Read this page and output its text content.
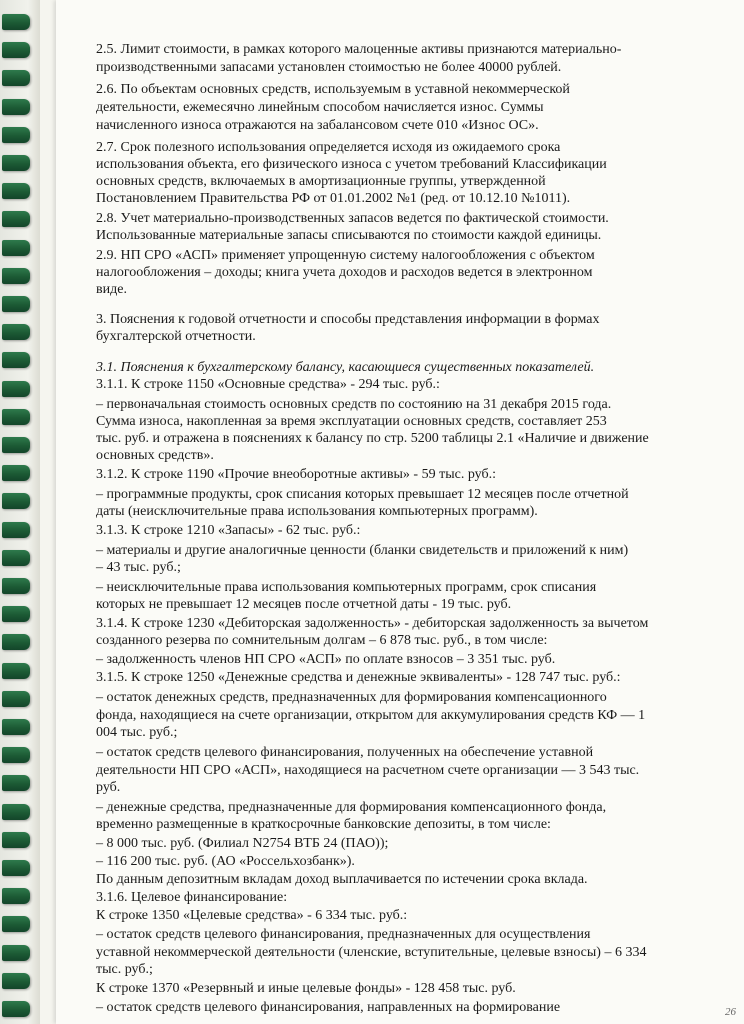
2.5. Лимит стоимости, в рамках которого малоценные активы признаются материально-
производственными запасами установлен стоимостью не более 40000 рублей.
2.6. По объектам основных средств, используемым в уставной некоммерческой
деятельности, ежемесячно линейным способом начисляется износ. Суммы
начисленного износа отражаются на забалансовом счете 010 «Износ ОС».
2.7. Срок полезного использования определяется исходя из ожидаемого срока
использования объекта, его физического износа с учетом требований Классификации
основных средств, включаемых в амортизационные группы, утвержденной
Постановлением Правительства РФ от 01.01.2002 №1 (ред. от 10.12.10 №1011).
2.8. Учет материально-производственных запасов ведется по фактической стоимости.
Использованные материальные запасы списываются по стоимости каждой единицы.
2.9. НП СРО «АСП» применяет упрощенную систему налогообложения с объектом
налогообложения – доходы; книга учета доходов и расходов ведется в электронном
виде.
3. Пояснения к годовой отчетности и способы представления информации в формах
бухгалтерской отчетности.
3.1. Пояснения к бухгалтерскому балансу, касающиеся существенных показателей.
3.1.1. К строке 1150 «Основные средства» - 294 тыс. руб.:
– первоначальная стоимость основных средств по состоянию на 31 декабря 2015 года.
Сумма износа, накопленная за время эксплуатации основных средств, составляет 253
тыс. руб. и отражена в пояснениях к балансу по стр. 5200 таблицы 2.1 «Наличие и движение
основных средств».
3.1.2. К строке 1190 «Прочие внеоборотные активы» - 59 тыс. руб.:
– программные продукты, срок списания которых превышает 12 месяцев после отчетной
даты (неисключительные права использования компьютерных программ).
3.1.3. К строке 1210 «Запасы» - 62 тыс. руб.:
– материалы и другие аналогичные ценности (бланки свидетельств и приложений к ним)
– 43 тыс. руб.;
– неисключительные права использования компьютерных программ, срок списания
которых не превышает 12 месяцев после отчетной даты - 19 тыс. руб.
3.1.4. К строке 1230 «Дебиторская задолженность» - дебиторская задолженность за вычетом
созданного резерва по сомнительным долгам – 6 878 тыс. руб., в том числе:
– задолженность членов НП СРО «АСП» по оплате взносов – 3 351 тыс. руб.
3.1.5. К строке 1250 «Денежные средства и денежные эквиваленты» - 128 747 тыс. руб.:
– остаток денежных средств, предназначенных для формирования компенсационного
фонда, находящиеся на счете организации, открытом для аккумулирования средств КФ — 1
004 тыс. руб.;
– остаток средств целевого финансирования, полученных на обеспечение уставной
деятельности НП СРО «АСП», находящиеся на расчетном счете организации — 3 543 тыс.
руб.
– денежные средства, предназначенные для формирования компенсационного фонда,
временно размещенные в краткосрочные банковские депозиты, в том числе:
– 8 000 тыс. руб. (Филиал N2754 ВТБ 24 (ПАО));
– 116 200 тыс. руб. (АО «Россельхозбанк»).
По данным депозитным вкладам доход выплачивается по истечении срока вклада.
3.1.6. Целевое финансирование:
К строке 1350 «Целевые средства» - 6 334 тыс. руб.:
– остаток средств целевого финансирования, предназначенных для осуществления
уставной некоммерческой деятельности (членские, вступительные, целевые взносы) – 6 334
тыс. руб.;
К строке 1370 «Резервный и иные целевые фонды» - 128 458 тыс. руб.
– остаток средств целевого финансирования, направленных на формирование	26
